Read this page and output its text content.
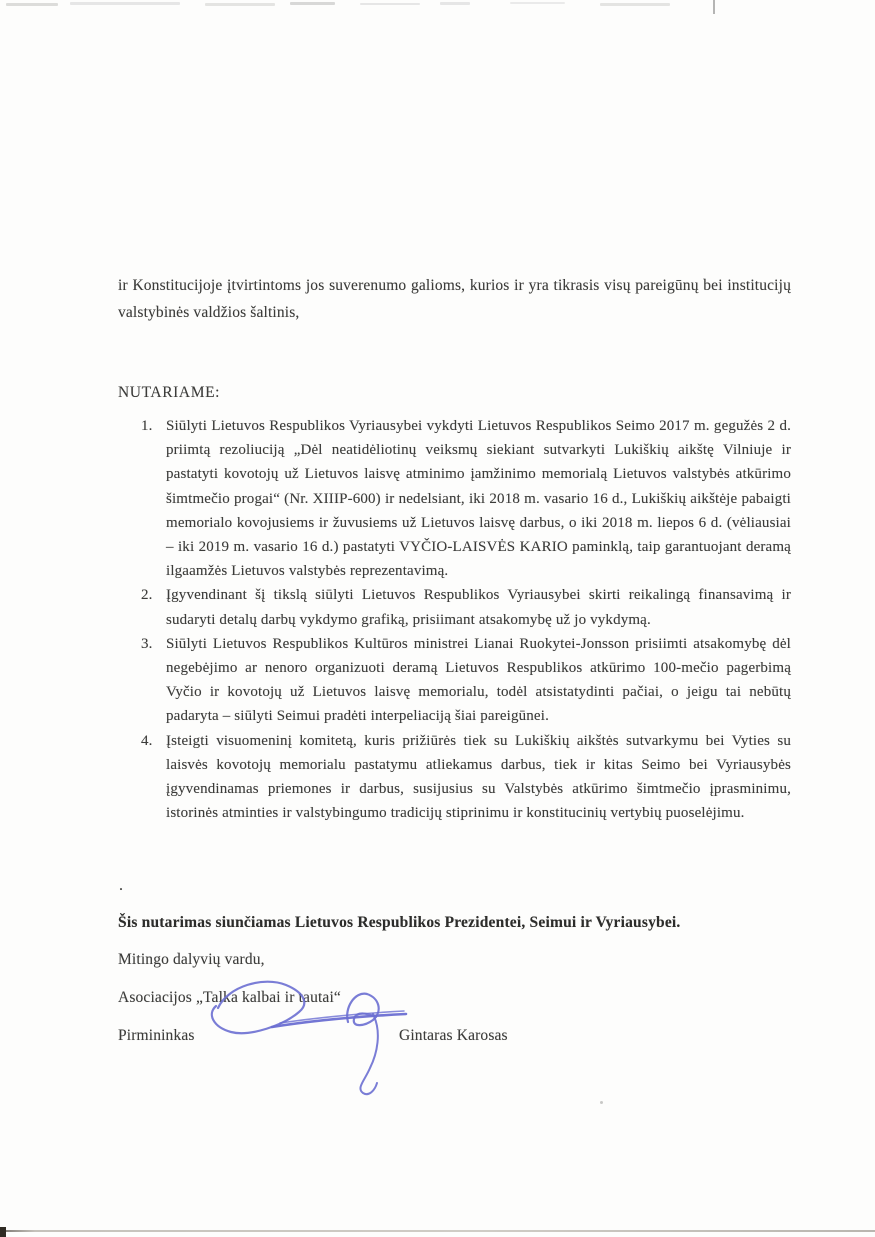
ir Konstitucijoje įtvirtintoms jos suverenumo galioms, kurios ir yra tikrasis visų pareigūnų bei institucijų valstybinės valdžios šaltinis,
NUTARIAME:
1. Siūlyti Lietuvos Respublikos Vyriausybei vykdyti Lietuvos Respublikos Seimo 2017 m. gegužės 2 d. priimtą rezoliuciją „Dėl neatidėliotinų veiksmų siekiant sutvarkyti Lukiškių aikštę Vilniuje ir pastatyti kovotojų už Lietuvos laisvę atminimo įamžinimo memorialą Lietuvos valstybės atkūrimo šimtmečio progai“ (Nr. XIIIP-600) ir nedelsiant, iki 2018 m. vasario 16 d., Lukiškių aikštėje pabaigti memorialo kovojusiems ir žuvusiems už Lietuvos laisvę darbus, o iki 2018 m. liepos 6 d. (vėliausiai – iki 2019 m. vasario 16 d.) pastatyti VYČIO-LAISVĖS KARIO paminklą, taip garantuojant deramą ilgaamžės Lietuvos valstybės reprezentavimą.
2. Įgyvendinant šį tikslą siūlyti Lietuvos Respublikos Vyriausybei skirti reikalingą finansavimą ir sudaryti detalų darbų vykdymo grafiką, prisiimant atsakomybę už jo vykdymą.
3. Siūlyti Lietuvos Respublikos Kultūros ministrei Lianai Ruokytei-Jonsson prisiimti atsakomybę dėl negebėjimo ar nenoro organizuoti deramą Lietuvos Respublikos atkūrimo 100-mečio pagerbimą Vyčio ir kovotojų už Lietuvos laisvę memorialu, todėl atsistatydinti pačiai, o jeigu tai nebūtų padaryta – siūlyti Seimui pradėti interpeliaciją šiai pareigūnei.
4. Įsteigti visuomeninį komitetą, kuris prižiūrės tiek su Lukiškių aikštės sutvarkymu bei Vyties su laisvės kovotojų memorialu pastatymu atliekamus darbus, tiek ir kitas Seimo bei Vyriausybės įgyvendinamas priemones ir darbus, susijusius su Valstybės atkūrimo šimtmečio įprasminimu, istorinės atminties ir valstybingumo tradicijų stiprinimu ir konstitucinių vertybių puoselėjimu.
.
Šis nutarimas siunčiamas Lietuvos Respublikos Prezidentei, Seimui ir Vyriausybei.
Mitingo dalyvių vardu,
Asociacijos „Talka kalbai ir tautai“
Pirmininkas	Gintaras Karosas
